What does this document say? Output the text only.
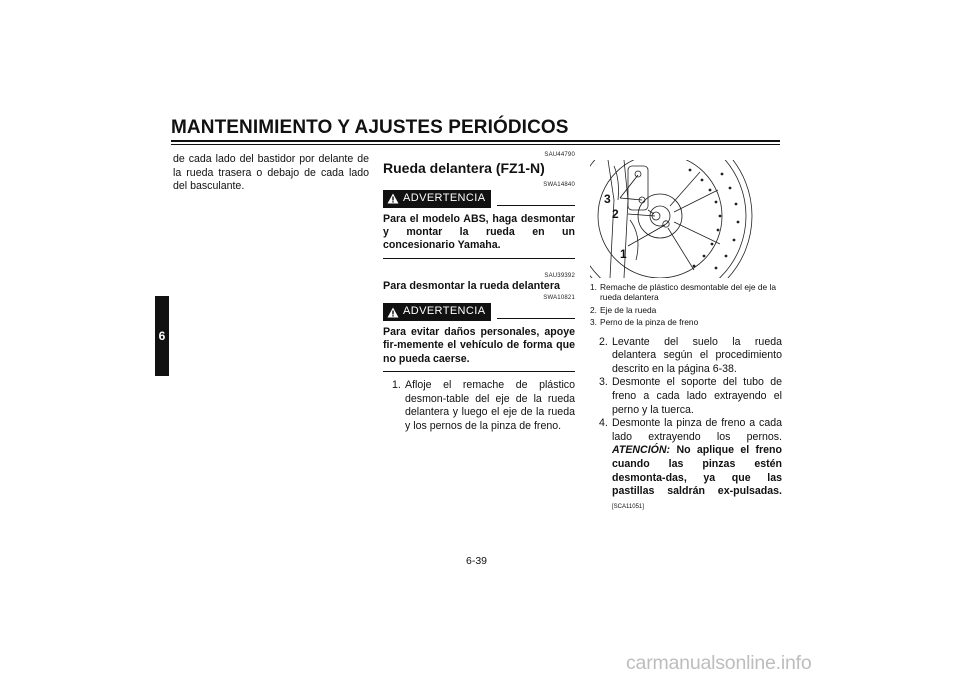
MANTENIMIENTO Y AJUSTES PERIÓDICOS
6

de cada lado del bastidor por delante de la rueda trasera o debajo de cada lado del basculante.

SAU44790
Rueda delantera (FZ1-N)
SWA14840
ADVERTENCIA

Para el modelo ABS, haga desmontar y montar la rueda en un concesionario Yamaha.

SAU39392
Para desmontar la rueda delantera
SWA10821
ADVERTENCIA

Para evitar daños personales, apoye fir-memente el vehículo de forma que no pueda caerse.

1. Afloje el remache de plástico desmon-table del eje de la rueda delantera y luego el eje de la rueda y los pernos de la pinza de freno.
3
2
1
1. Remache de plástico desmontable del eje de la rueda delantera
2. Eje de la rueda
3. Perno de la pinza de freno
2. Levante del suelo la rueda delantera según el procedimiento descrito en la página 6-38.
3. Desmonte el soporte del tubo de freno a cada lado extrayendo el perno y la tuerca.
4. Desmonte la pinza de freno a cada lado extrayendo los pernos. ATENCIÓN: No aplique el freno cuando las pinzas estén desmonta-das, ya que las pastillas saldrán ex-pulsadas. [SCA11051]
6-39
carmanualsonline.info
